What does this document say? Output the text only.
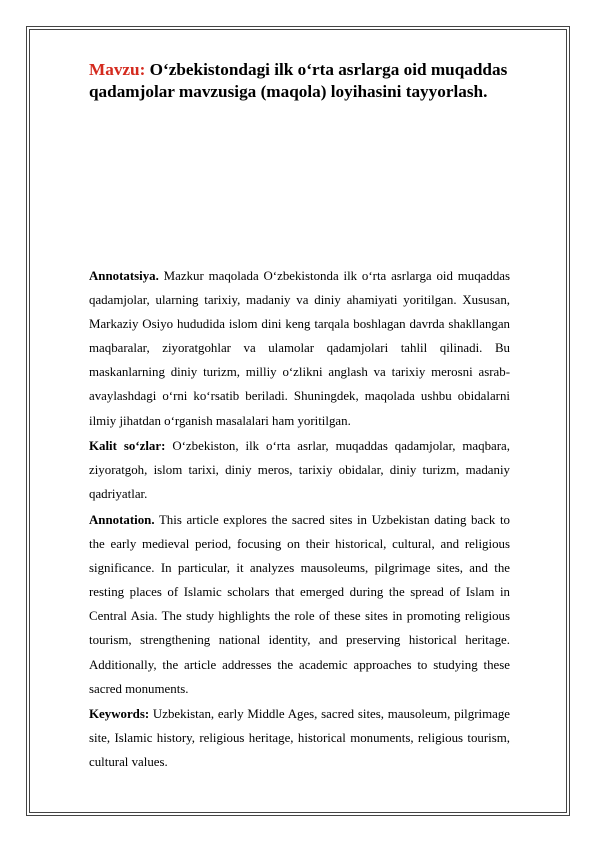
Mavzu: O‘zbekistondagi ilk o‘rta asrlarga oid muqaddas qadamjolar mavzusiga (maqola) loyihasini tayyorlash.

Annotatsiya. Mazkur maqolada O‘zbekistonda ilk o‘rta asrlarga oid muqaddas qadamjolar, ularning tarixiy, madaniy va diniy ahamiyati yoritilgan. Xususan, Markaziy Osiyo hududida islom dini keng tarqala boshlagan davrda shakllangan maqbaralar, ziyoratgohlar va ulamolar qadamjolari tahlil qilinadi. Bu maskanlarning diniy turizm, milliy o‘zlikni anglash va tarixiy merosni asrab-avaylashdagi o‘rni ko‘rsatib beriladi. Shuningdek, maqolada ushbu obidalarni ilmiy jihatdan o‘rganish masalalari ham yoritilgan.

Kalit so‘zlar: O‘zbekiston, ilk o‘rta asrlar, muqaddas qadamjolar, maqbara, ziyoratgoh, islom tarixi, diniy meros, tarixiy obidalar, diniy turizm, madaniy qadriyatlar.

Annotation. This article explores the sacred sites in Uzbekistan dating back to the early medieval period, focusing on their historical, cultural, and religious significance. In particular, it analyzes mausoleums, pilgrimage sites, and the resting places of Islamic scholars that emerged during the spread of Islam in Central Asia. The study highlights the role of these sites in promoting religious tourism, strengthening national identity, and preserving historical heritage. Additionally, the article addresses the academic approaches to studying these sacred monuments.

Keywords: Uzbekistan, early Middle Ages, sacred sites, mausoleum, pilgrimage site, Islamic history, religious heritage, historical monuments, religious tourism, cultural values.
